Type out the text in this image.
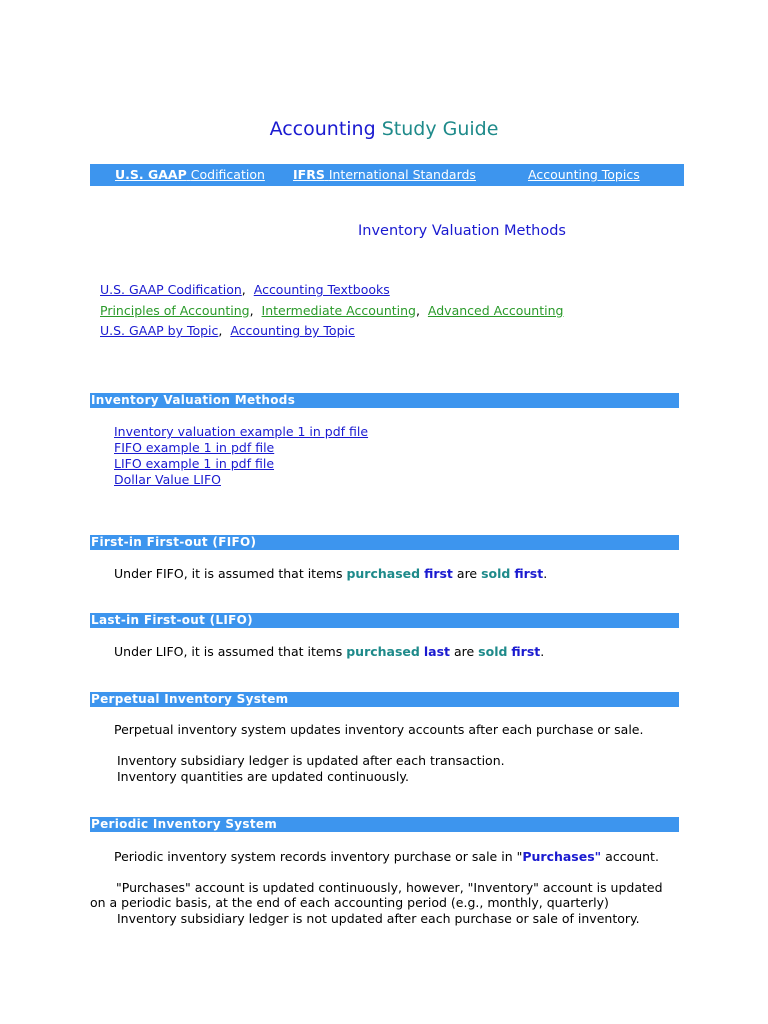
Accounting Study Guide
U.S. GAAP Codification IFRS International Standards	Accounting Topics
Inventory Valuation Methods
U.S. GAAP Codification, Accounting Textbooks
Principles of Accounting, Intermediate Accounting, Advanced Accounting
U.S. GAAP by Topic, Accounting by Topic
Inventory Valuation Methods
Inventory valuation example 1 in pdf file
FIFO example 1 in pdf file
LIFO example 1 in pdf file
Dollar Value LIFO
First-in First-out (FIFO)
Under FIFO, it is assumed that items purchased first are sold first.
Last-in First-out (LIFO)
Under LIFO, it is assumed that items purchased last are sold first.
Perpetual Inventory System
Perpetual inventory system updates inventory accounts after each purchase or sale.
Inventory subsidiary ledger is updated after each transaction.
Inventory quantities are updated continuously.
Periodic Inventory System
Periodic inventory system records inventory purchase or sale in "Purchases" account.
"Purchases" account is updated continuously, however, "Inventory" account is updated
on a periodic basis, at the end of each accounting period (e.g., monthly, quarterly)
Inventory subsidiary ledger is not updated after each purchase or sale of inventory.
